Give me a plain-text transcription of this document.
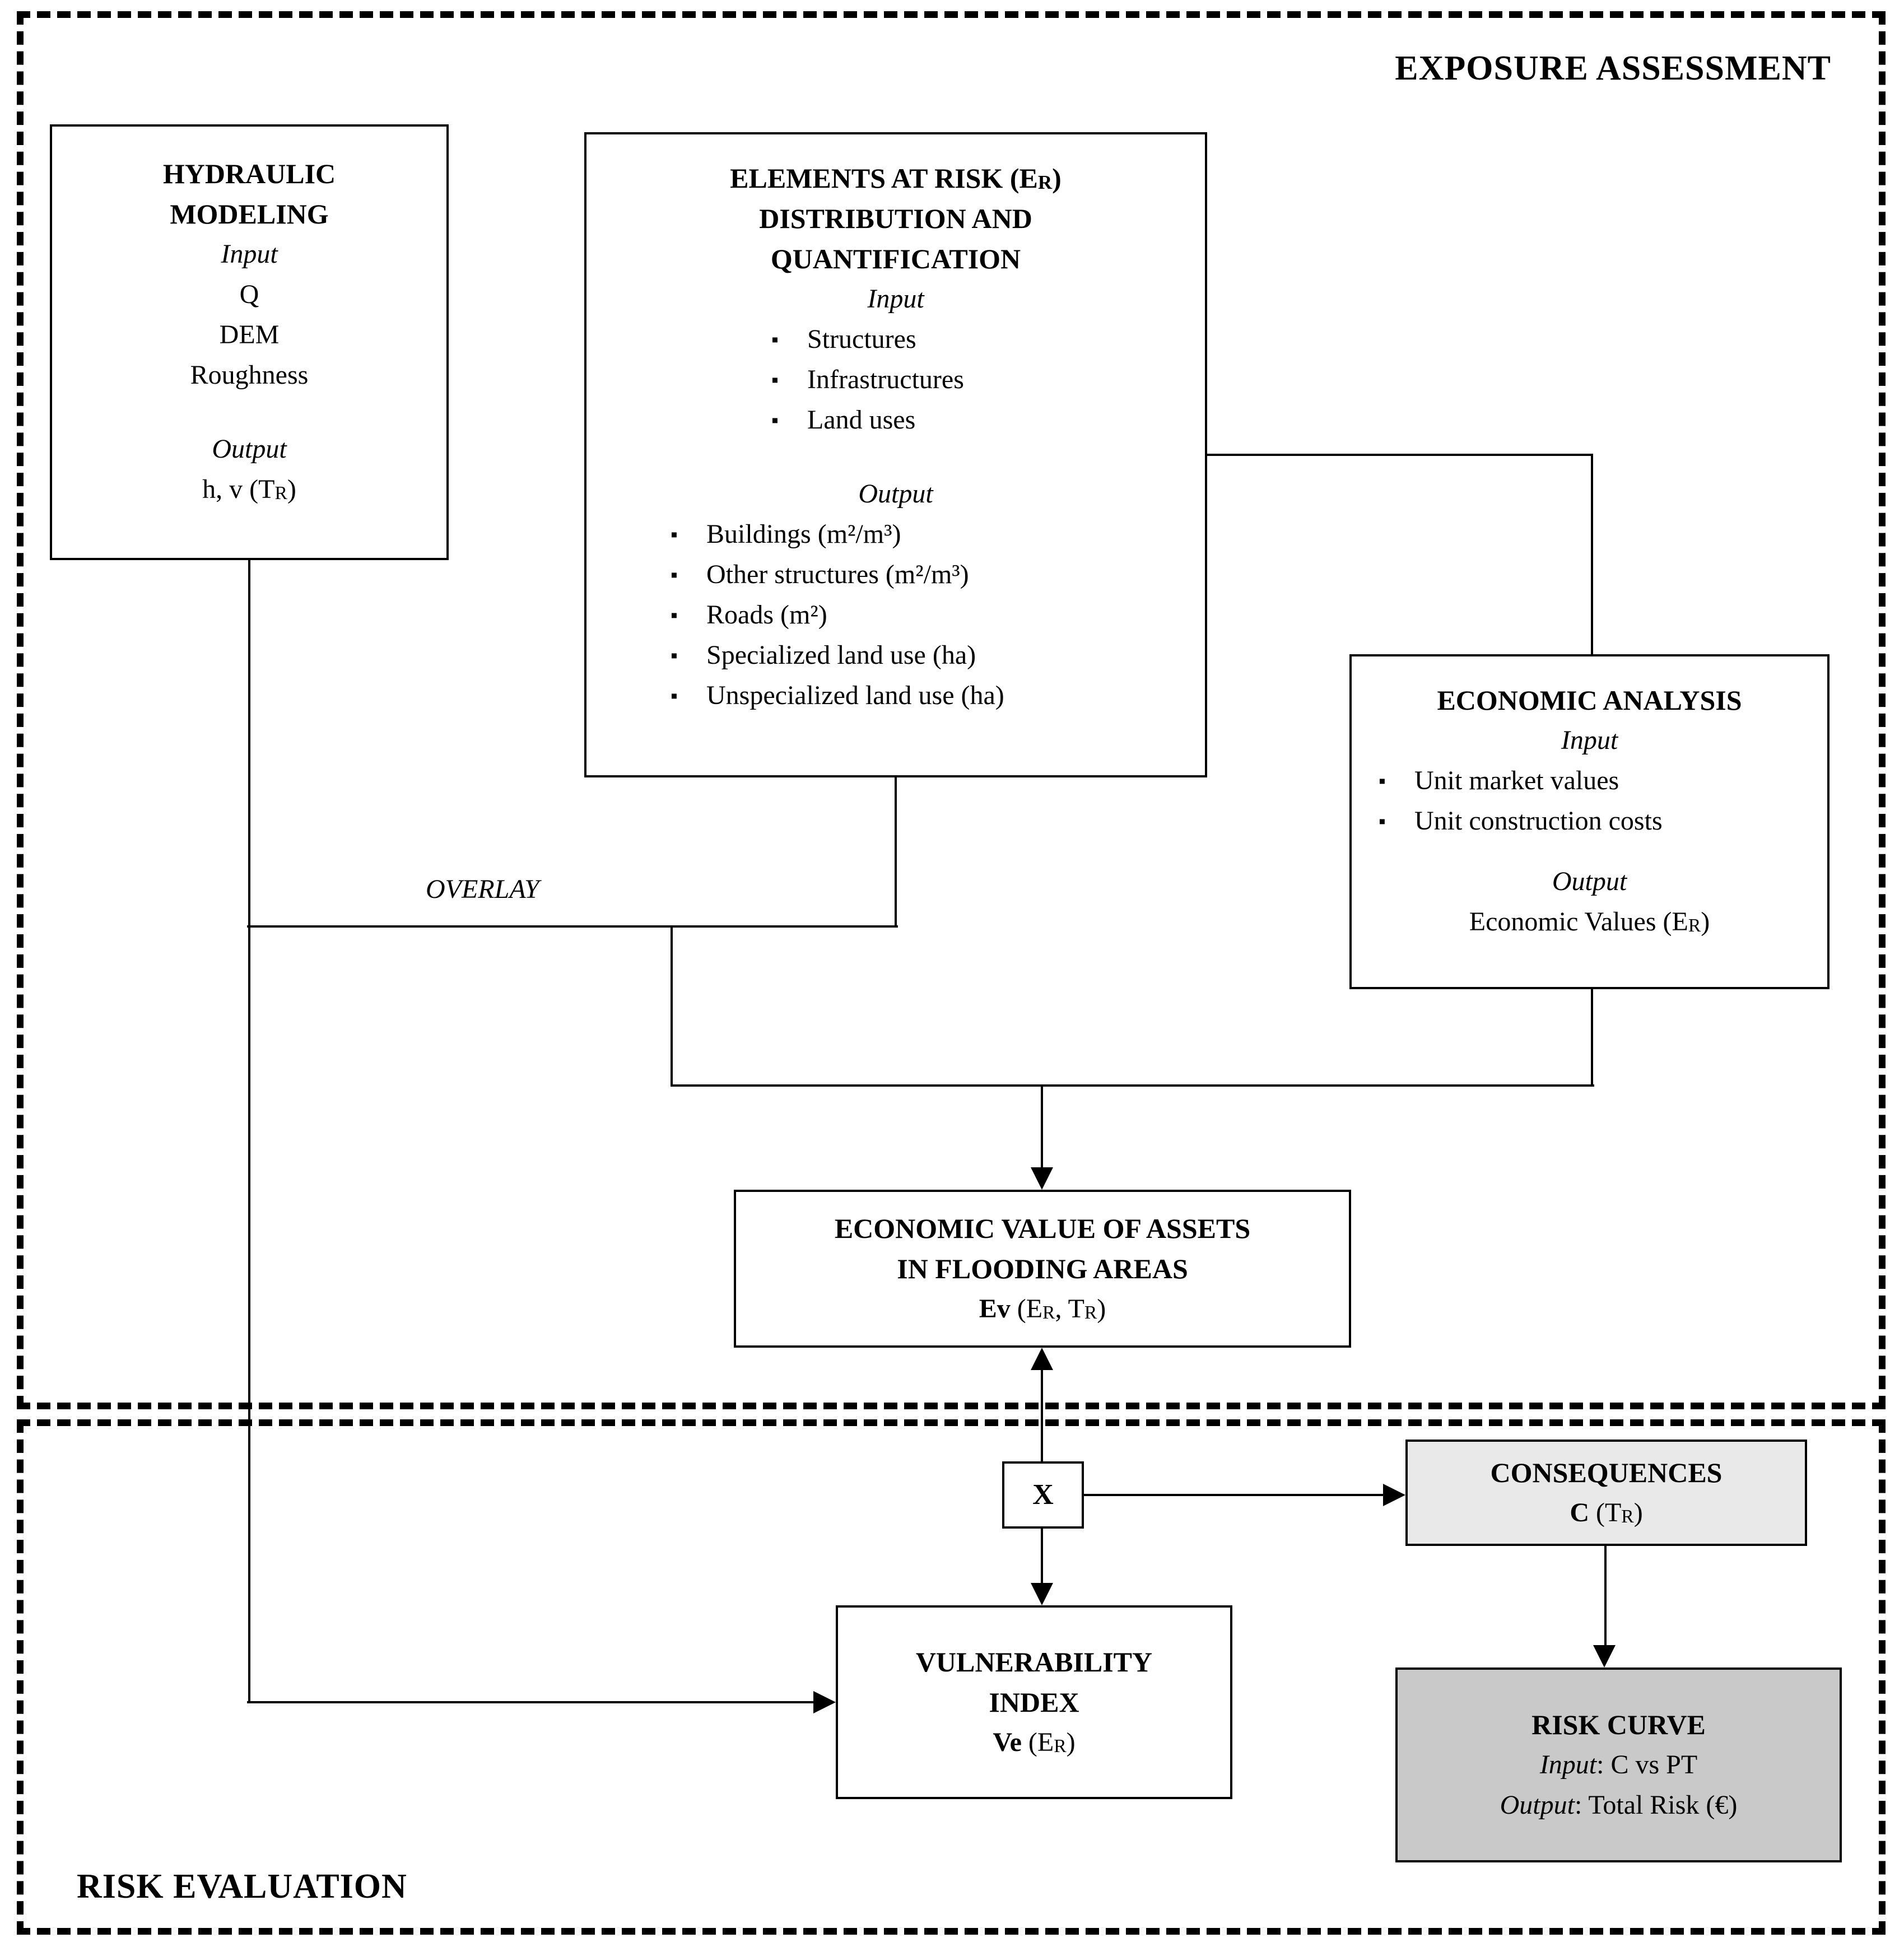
EXPOSURE ASSESSMENT
RISK EVALUATION
OVERLAY
HYDRAULIC
MODELING
Input
Q
DEM
Roughness
Output
h, v $(T_R)$
ELEMENTS AT RISK $(E_R)$
DISTRIBUTION AND
QUANTIFICATION
Input
▪	Structures
▪	Infrastructures
▪	Land uses
Output
▪	Buildings (m²/m³)
▪	Other structures (m²/m³)
▪	Roads (m²)
▪	Specialized land use (ha)
▪	Unspecialized land use (ha)	ECONOMIC ANALYSIS
Input
▪	Unit market values
▪	Unit construction costs
Output
Economic Values $(E_R)$
ECONOMIC VALUE OF ASSETS
IN FLOODING AREAS
Ev ($E_R$, $T_R$)
X
CONSEQUENCES
C $(T_R)$
VULNERABILITY
INDEX
Ve $(E_R)$
RISK CURVE
Input: C vs PT
Output: Total Risk (€)
